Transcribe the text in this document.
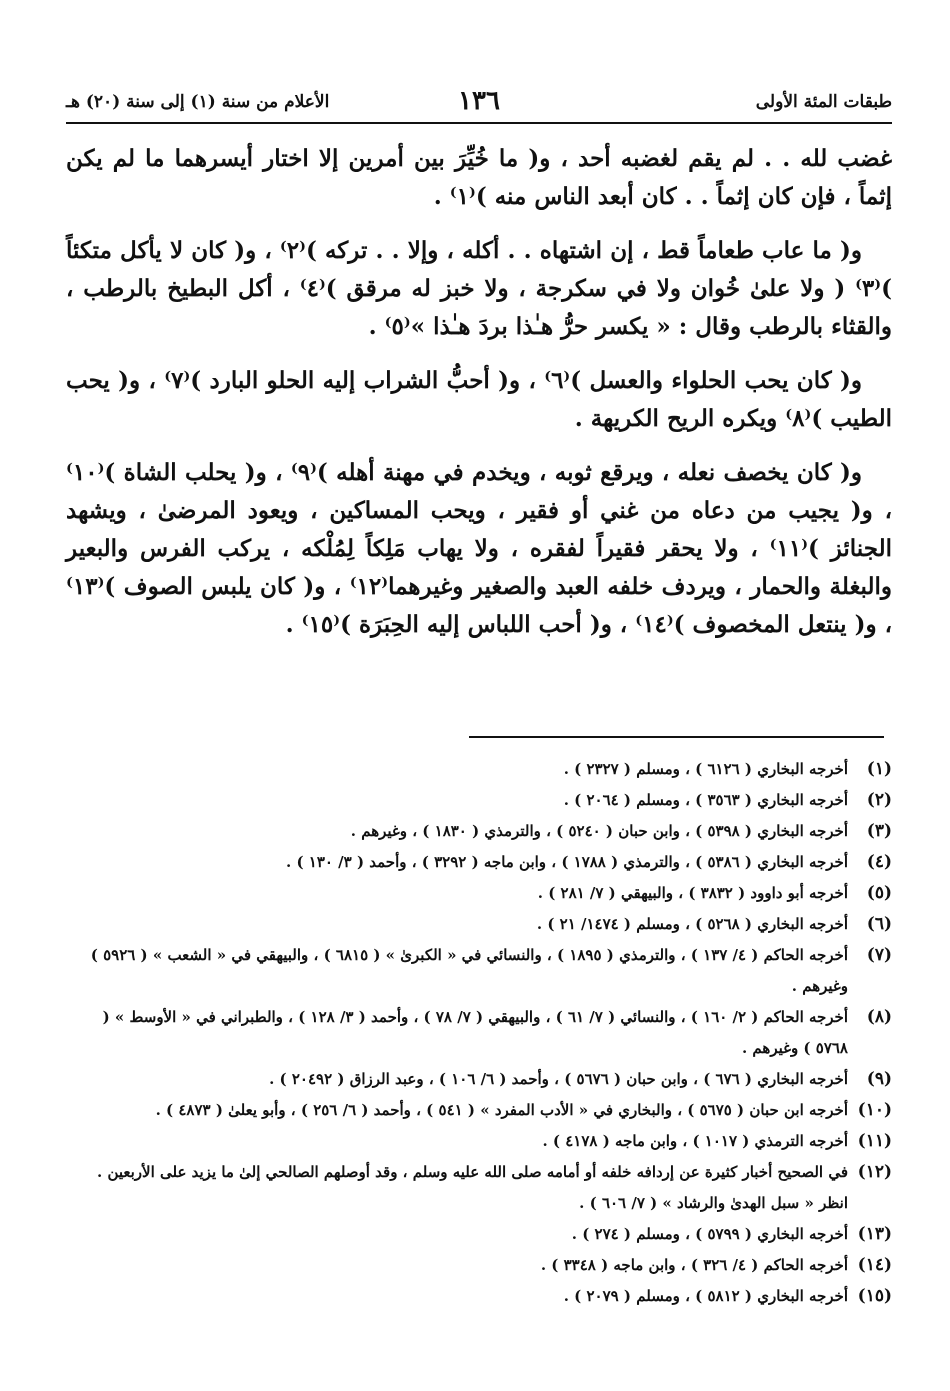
طبقات المئة الأولى
١٣٦
الأعلام من سنة (١) إلى سنة (٢٠) هـ

غضب لله . . لم يقم لغضبه أحد ، و( ما خُيِّرَ بين أمرين إلا اختار أيسرهما ما لم يكن إثماً ، فإن كان إثماً . . كان أبعد الناس منه )⁽١⁾ .

و( ما عاب طعاماً قط ، إن اشتهاه . . أكله ، وإلا . . تركه )⁽٢⁾ ، و( كان لا يأكل متكئاً )⁽٣⁾ ( ولا علىٰ خُوان ولا في سكرجة ، ولا خبز له مرقق )⁽٤⁾ ، أكل البطيخ بالرطب ، والقثاء بالرطب وقال : « يكسر حرُّ هـٰذا بردَ هـٰذا »⁽٥⁾ .

و( كان يحب الحلواء والعسل )⁽٦⁾ ، و( أحبُّ الشراب إليه الحلو البارد )⁽٧⁾ ، و( يحب الطيب )⁽٨⁾ ويكره الريح الكريهة .

و( كان يخصف نعله ، ويرقع ثوبه ، ويخدم في مهنة أهله )⁽٩⁾ ، و( يحلب الشاة )⁽١٠⁾ ، و( يجيب من دعاه من غني أو فقير ، ويحب المساكين ، ويعود المرضىٰ ، ويشهد الجنائز )⁽١١⁾ ، ولا يحقر فقيراً لفقره ، ولا يهاب مَلِكاً لِمُلْكه ، يركب الفرس والبعير والبغلة والحمار ، ويردف خلفه العبد والصغير وغيرهما⁽١٢⁾ ، و( كان يلبس الصوف )⁽١٣⁾ ، و( ينتعل المخصوف )⁽١٤⁾ ، و( أحب اللباس إليه الحِبَرَة )⁽١٥⁾ .

(١)
أخرجه البخاري ( ٦١٢٦ ) ، ومسلم ( ٢٣٢٧ ) .
(٢)
أخرجه البخاري ( ٣٥٦٣ ) ، ومسلم ( ٢٠٦٤ ) .
(٣)
أخرجه البخاري ( ٥٣٩٨ ) ، وابن حبان ( ٥٢٤٠ ) ، والترمذي ( ١٨٣٠ ) ، وغيرهم .
(٤)
أخرجه البخاري ( ٥٣٨٦ ) ، والترمذي ( ١٧٨٨ ) ، وابن ماجه ( ٣٢٩٢ ) ، وأحمد ( ٣/ ١٣٠ ) .
(٥)
أخرجه أبو داوود ( ٣٨٣٢ ) ، والبيهقي ( ٧/ ٢٨١ ) .
(٦)
أخرجه البخاري ( ٥٢٦٨ ) ، ومسلم ( ١٤٧٤/ ٢١ ) .
(٧)
أخرجه الحاكم ( ٤/ ١٣٧ ) ، والترمذي ( ١٨٩٥ ) ، والنسائي في « الكبرىٰ » ( ٦٨١٥ ) ، والبيهقي في « الشعب » ( ٥٩٢٦ ) وغيرهم .
(٨)
أخرجه الحاكم ( ٢/ ١٦٠ ) ، والنسائي ( ٧/ ٦١ ) ، والبيهقي ( ٧/ ٧٨ ) ، وأحمد ( ٣/ ١٢٨ ) ، والطبراني في « الأوسط » ( ٥٧٦٨ ) وغيرهم .
(٩)
أخرجه البخاري ( ٦٧٦ ) ، وابن حبان ( ٥٦٧٦ ) ، وأحمد ( ٦/ ١٠٦ ) ، وعبد الرزاق ( ٢٠٤٩٢ ) .
(١٠)
أخرجه ابن حبان ( ٥٦٧٥ ) ، والبخاري في « الأدب المفرد » ( ٥٤١ ) ، وأحمد ( ٦/ ٢٥٦ ) ، وأبو يعلىٰ ( ٤٨٧٣ ) .
(١١)
أخرجه الترمذي ( ١٠١٧ ) ، وابن ماجه ( ٤١٧٨ ) .
(١٢)
في الصحيح أخبار كثيرة عن إردافه خلفه أو أمامه صلى الله عليه وسلم ، وقد أوصلهم الصالحي إلىٰ ما يزيد على الأربعين . انظر « سبل الهدىٰ والرشاد » ( ٧/ ٦٠٦ ) .
(١٣)
أخرجه البخاري ( ٥٧٩٩ ) ، ومسلم ( ٢٧٤ ) .
(١٤)
أخرجه الحاكم ( ٤/ ٣٢٦ ) ، وابن ماجه ( ٣٣٤٨ ) .
(١٥)
أخرجه البخاري ( ٥٨١٢ ) ، ومسلم ( ٢٠٧٩ ) .
